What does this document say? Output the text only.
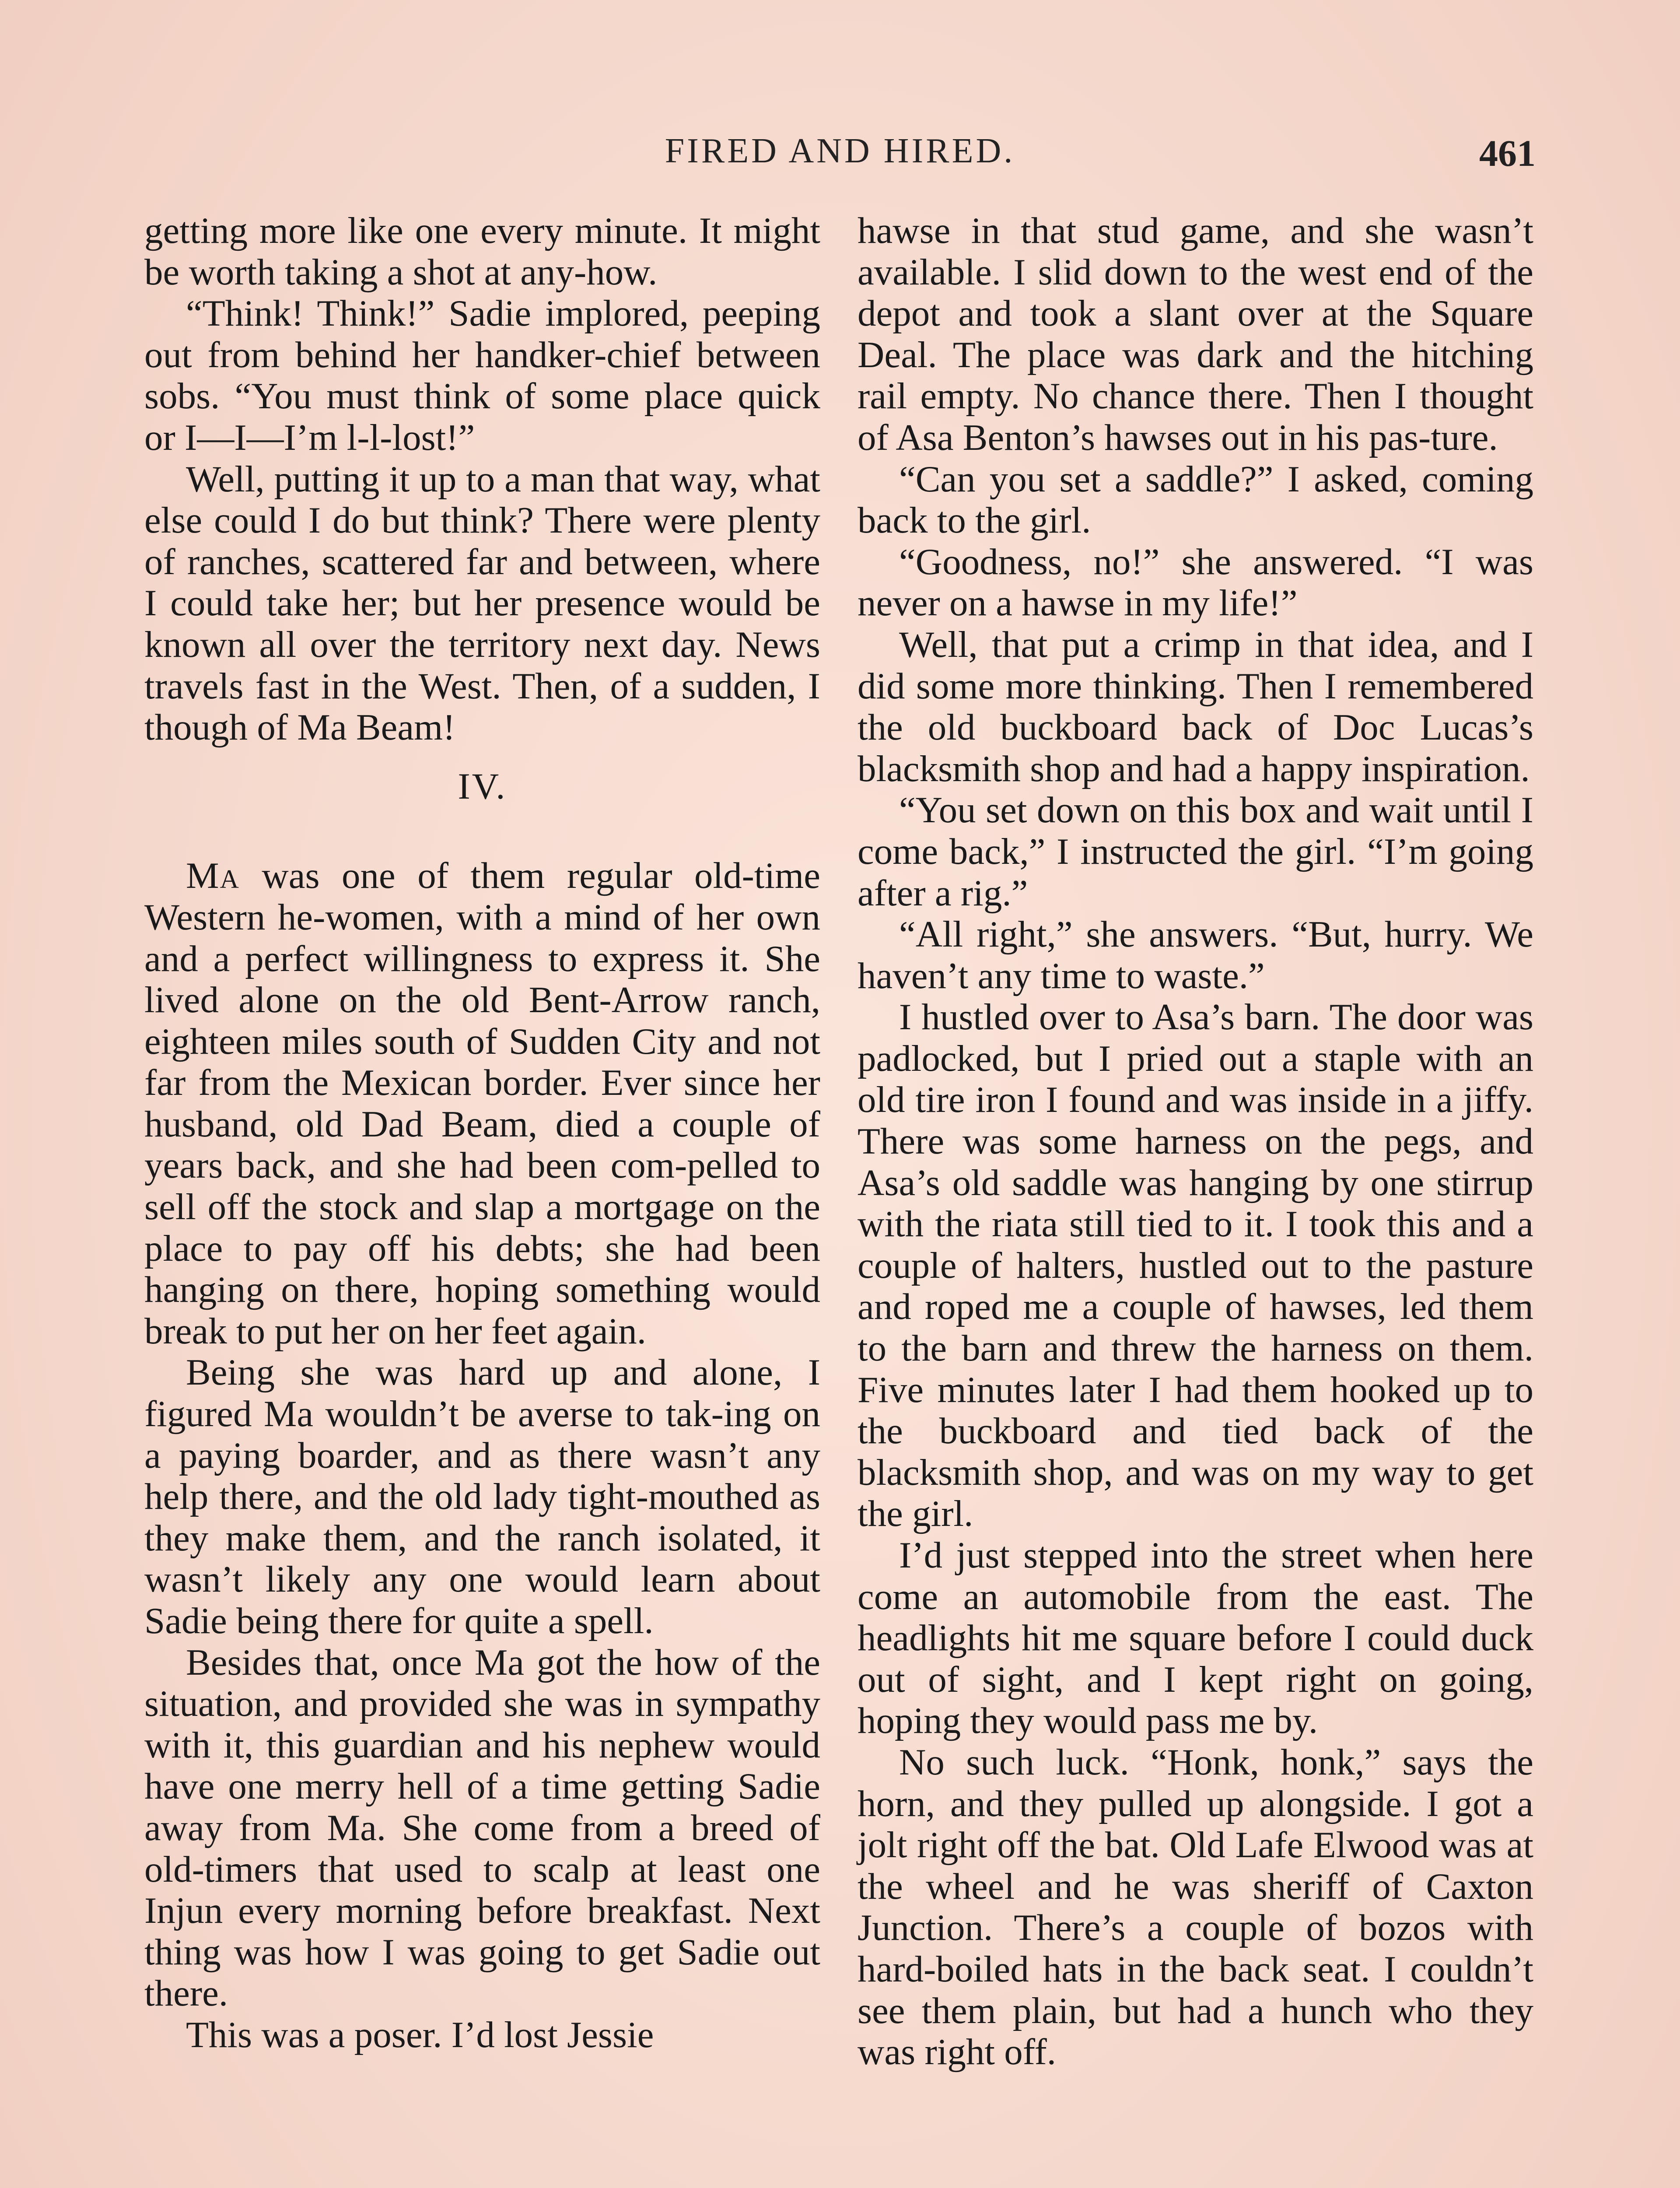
FIRED AND HIRED.	461

getting more like one every minute. It might be worth taking a shot at any-how.

“Think! Think!” Sadie implored, peeping out from behind her handker-chief between sobs. “You must think of some place quick or I—I—I’m l-l-lost!”

Well, putting it up to a man that way, what else could I do but think? There were plenty of ranches, scattered far and between, where I could take her; but her presence would be known all over the territory next day. News travels fast in the West. Then, of a sudden, I though of Ma Beam!

IV.

Ma was one of them regular old-time Western he-women, with a mind of her own and a perfect willingness to express it. She lived alone on the old Bent-Arrow ranch, eighteen miles south of Sudden City and not far from the Mexican border. Ever since her husband, old Dad Beam, died a couple of years back, and she had been com-pelled to sell off the stock and slap a mortgage on the place to pay off his debts; she had been hanging on there, hoping something would break to put her on her feet again.

Being she was hard up and alone, I figured Ma wouldn’t be averse to tak-ing on a paying boarder, and as there wasn’t any help there, and the old lady tight-mouthed as they make them, and the ranch isolated, it wasn’t likely any one would learn about Sadie being there for quite a spell.

Besides that, once Ma got the how of the situation, and provided she was in sympathy with it, this guardian and his nephew would have one merry hell of a time getting Sadie away from Ma. She come from a breed of old-timers that used to scalp at least one Injun every morning before breakfast. Next thing was how I was going to get Sadie out there.

This was a poser. I’d lost Jessie

hawse in that stud game, and she wasn’t available. I slid down to the west end of the depot and took a slant over at the Square Deal. The place was dark and the hitching rail empty. No chance there. Then I thought of Asa Benton’s hawses out in his pas-ture.

“Can you set a saddle?” I asked, coming back to the girl.

“Goodness, no!” she answered. “I was never on a hawse in my life!”

Well, that put a crimp in that idea, and I did some more thinking. Then I remembered the old buckboard back of Doc Lucas’s blacksmith shop and had a happy inspiration.

“You set down on this box and wait until I come back,” I instructed the girl. “I’m going after a rig.”

“All right,” she answers. “But, hurry. We haven’t any time to waste.”

I hustled over to Asa’s barn. The door was padlocked, but I pried out a staple with an old tire iron I found and was inside in a jiffy. There was some harness on the pegs, and Asa’s old saddle was hanging by one stirrup with the riata still tied to it. I took this and a couple of halters, hustled out to the pasture and roped me a couple of hawses, led them to the barn and threw the harness on them. Five minutes later I had them hooked up to the buckboard and tied back of the blacksmith shop, and was on my way to get the girl.

I’d just stepped into the street when here come an automobile from the east. The headlights hit me square before I could duck out of sight, and I kept right on going, hoping they would pass me by.

No such luck. “Honk, honk,” says the horn, and they pulled up alongside. I got a jolt right off the bat. Old Lafe Elwood was at the wheel and he was sheriff of Caxton Junction. There’s a couple of bozos with hard-boiled hats in the back seat. I couldn’t see them plain, but had a hunch who they was right off.
